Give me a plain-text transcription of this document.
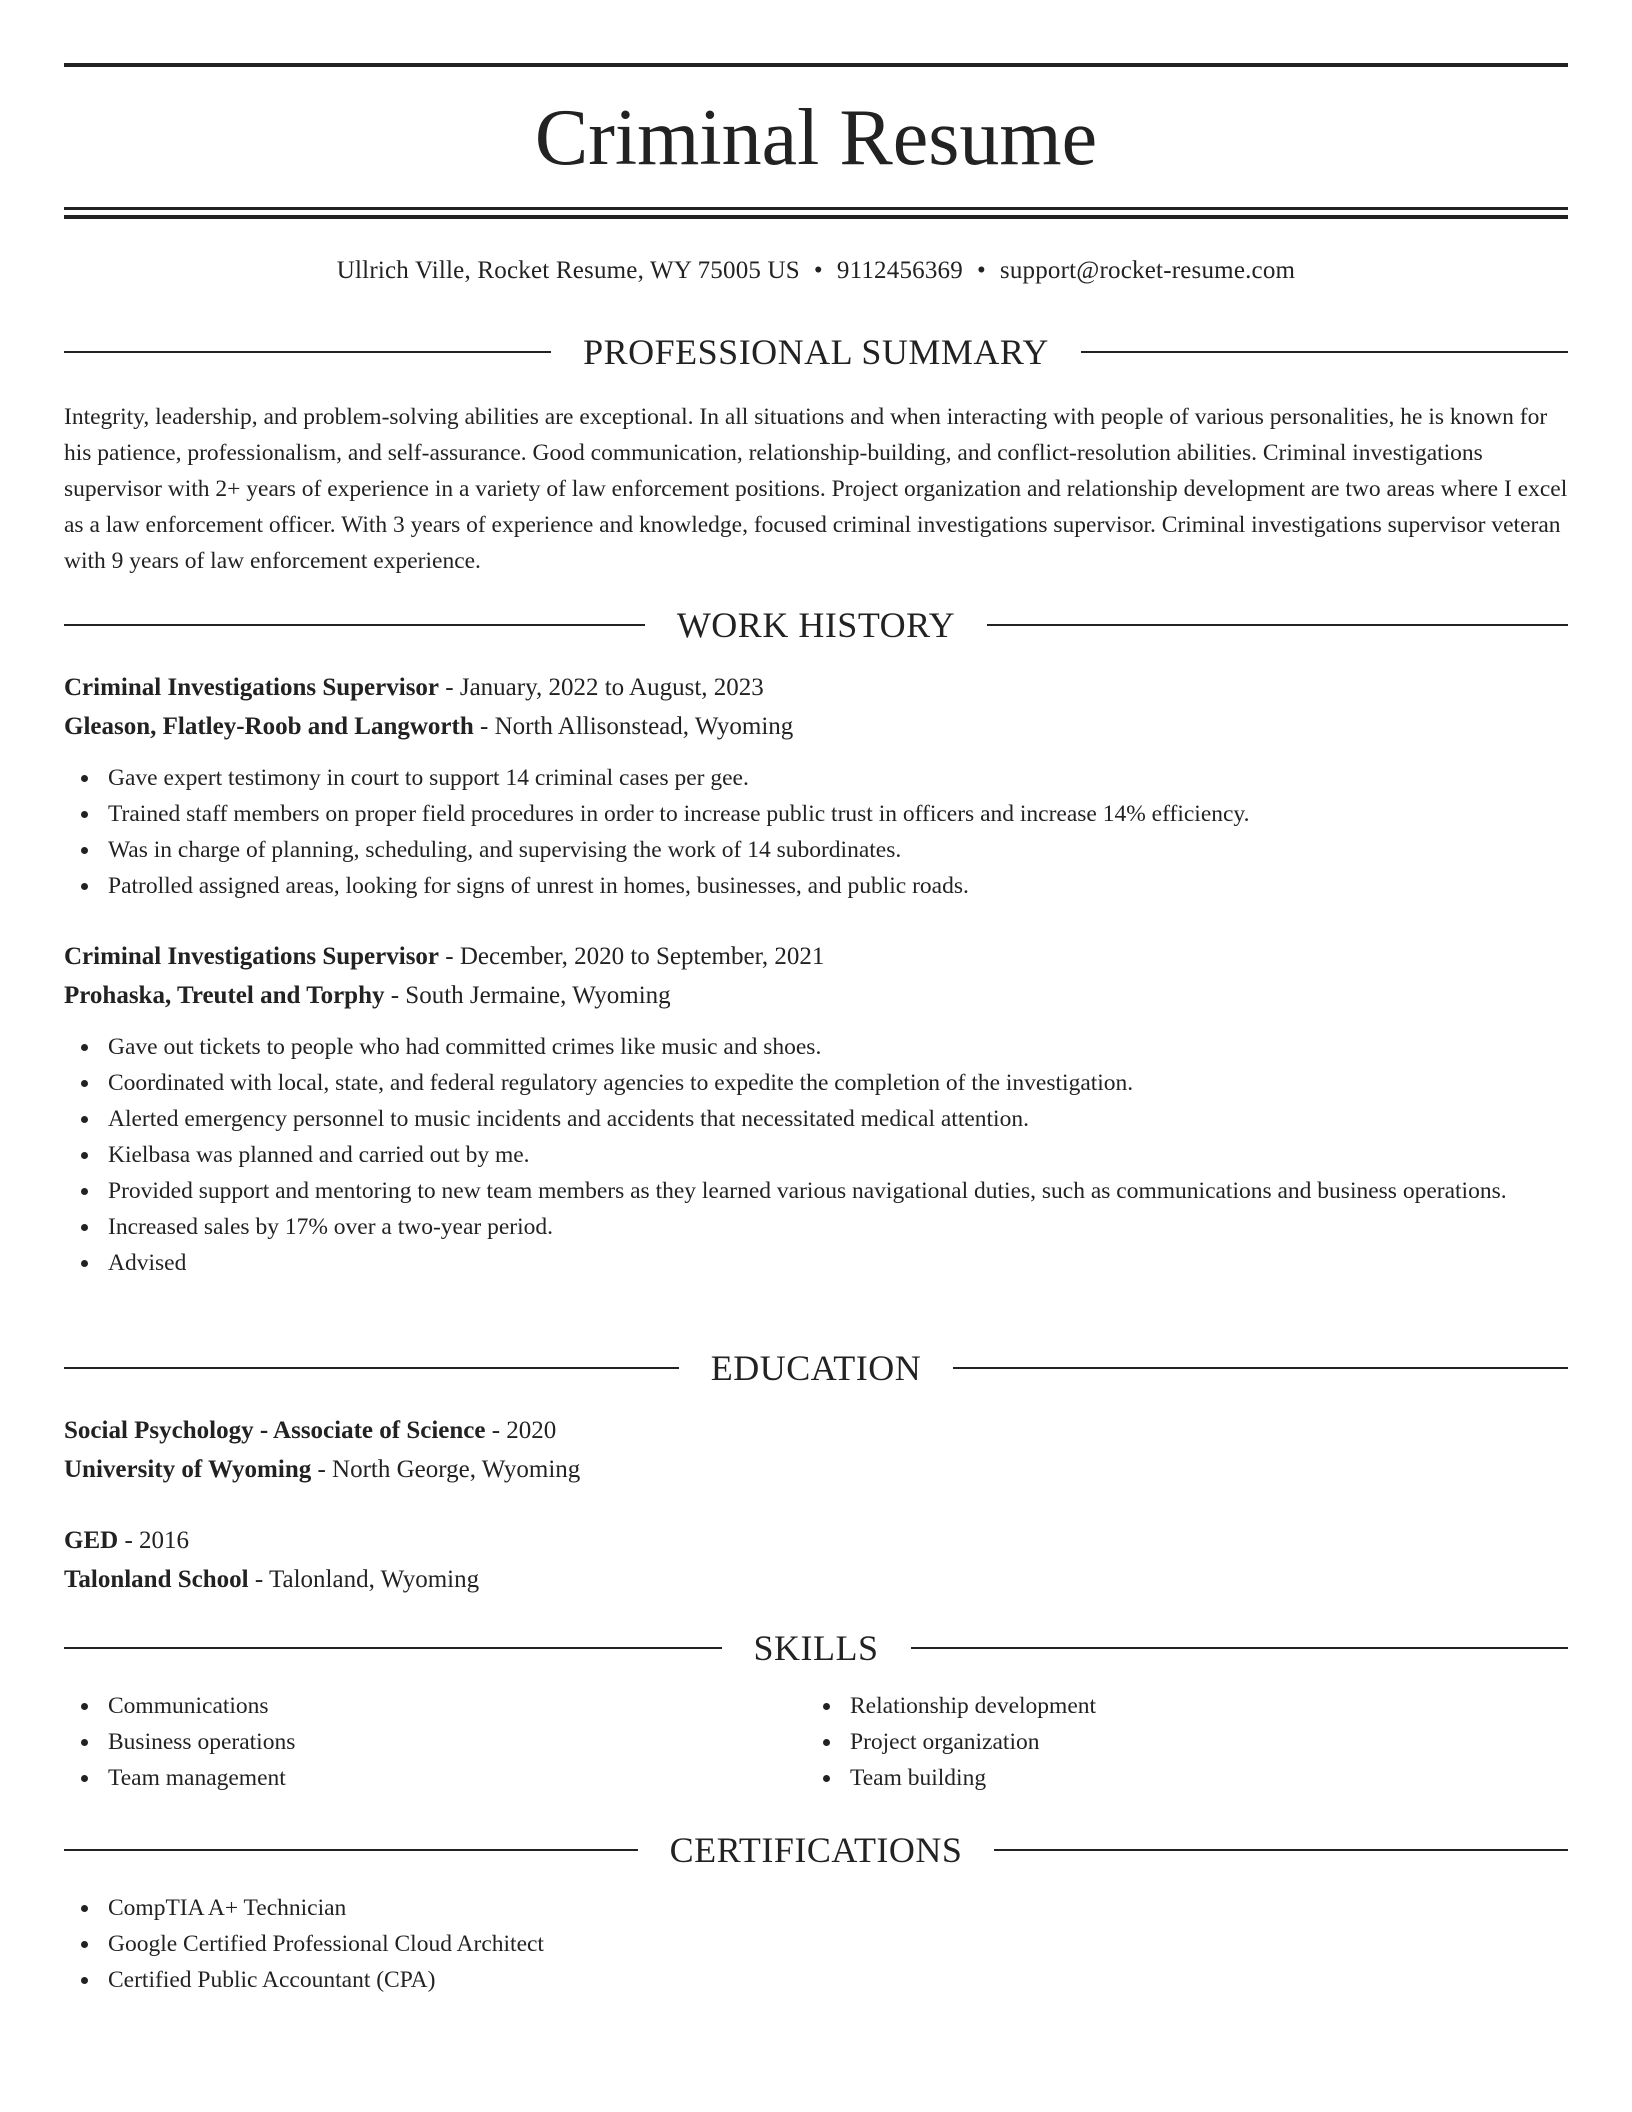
Criminal Resume
Ullrich Ville, Rocket Resume, WY 75005 US • 9112456369 • support@rocket-resume.com
PROFESSIONAL SUMMARY

Integrity, leadership, and problem-solving abilities are exceptional. In all situations and when interacting with people of various personalities, he is known for his patience, professionalism, and self-assurance. Good communication, relationship-building, and conflict-resolution abilities. Criminal investigations supervisor with 2+ years of experience in a variety of law enforcement positions. Project organization and relationship development are two areas where I excel as a law enforcement officer. With 3 years of experience and knowledge, focused criminal investigations supervisor. Criminal investigations supervisor veteran with 9 years of law enforcement experience.

WORK HISTORY
Criminal Investigations Supervisor - January, 2022 to August, 2023
Gleason, Flatley-Roob and Langworth - North Allisonstead, Wyoming
Gave expert testimony in court to support 14 criminal cases per gee.
Trained staff members on proper field procedures in order to increase public trust in officers and increase 14% efficiency.
Was in charge of planning, scheduling, and supervising the work of 14 subordinates.
Patrolled assigned areas, looking for signs of unrest in homes, businesses, and public roads.
Criminal Investigations Supervisor - December, 2020 to September, 2021
Prohaska, Treutel and Torphy - South Jermaine, Wyoming
Gave out tickets to people who had committed crimes like music and shoes.
Coordinated with local, state, and federal regulatory agencies to expedite the completion of the investigation.
Alerted emergency personnel to music incidents and accidents that necessitated medical attention.
Kielbasa was planned and carried out by me.
Provided support and mentoring to new team members as they learned various navigational duties, such as communications and business operations.
Increased sales by 17% over a two-year period.
Advised
EDUCATION
Social Psychology - Associate of Science - 2020
University of Wyoming - North George, Wyoming
GED - 2016
Talonland School - Talonland, Wyoming
SKILLS
Communications
Business operations
Team management
Relationship development
Project organization
Team building
CERTIFICATIONS
CompTIA A+ Technician
Google Certified Professional Cloud Architect
Certified Public Accountant (CPA)
